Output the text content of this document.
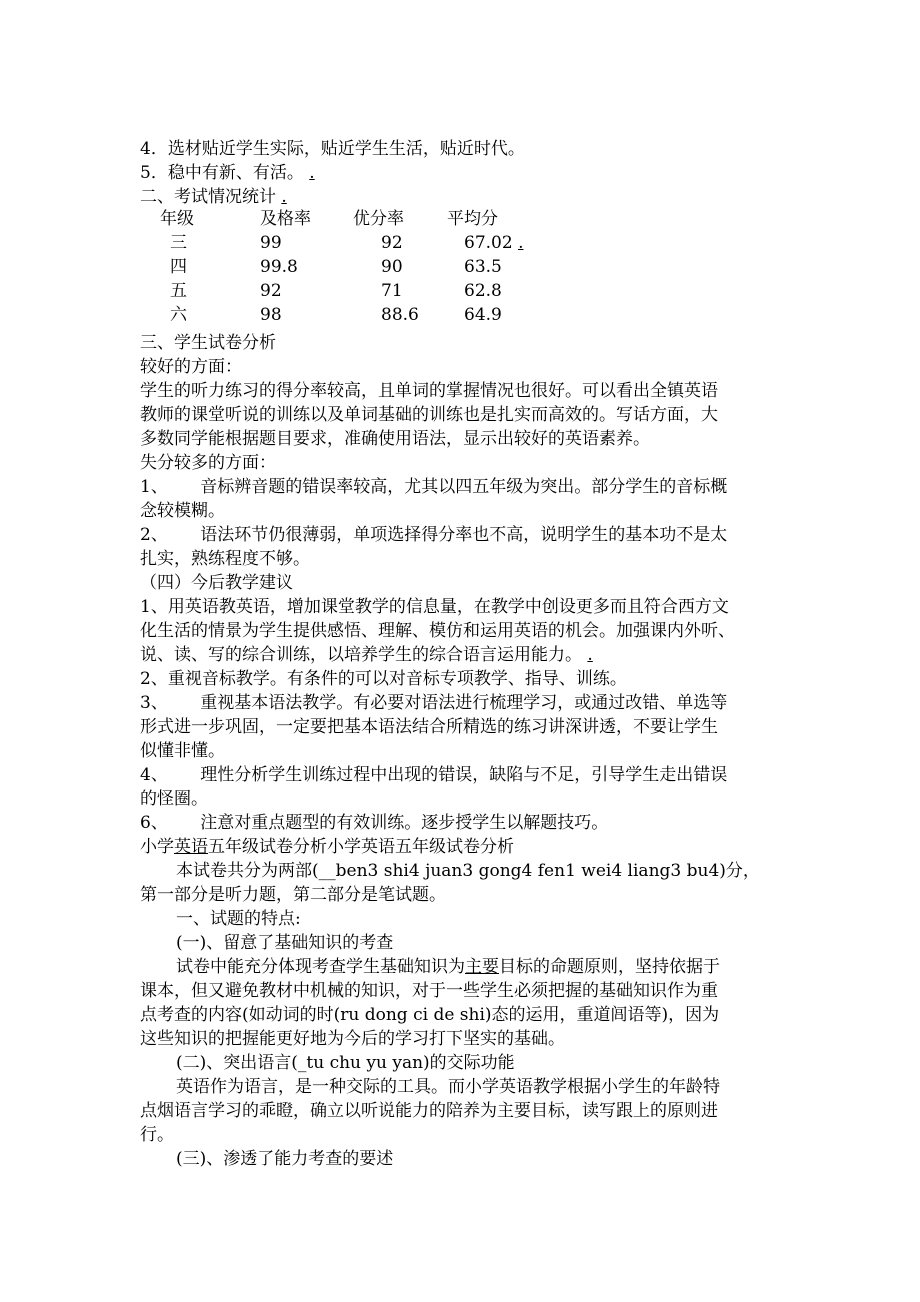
4．选材贴近学生实际，贴近学生生活，贴近时代。
5．稳中有新、有活。 .
二、考试情况统计 .
年级	及格率	优分率	平均分
三	99	92	67.02 .
四	99.8	90	63.5
五	92	71	62.8
六	98	88.6	64.9
三、学生试卷分析
较好的方面：
学生的听力练习的得分率较高，且单词的掌握情况也很好。可以看出全镇英语
教师的课堂听说的训练以及单词基础的训练也是扎实而高效的。写话方面，大
多数同学能根据题目要求，准确使用语法，显示出较好的英语素养。
失分较多的方面：
1、      音标辨音题的错误率较高，尤其以四五年级为突出。部分学生的音标概
念较模糊。
2、      语法环节仍很薄弱，单项选择得分率也不高，说明学生的基本功不是太
扎实，熟练程度不够。
（四）今后教学建议
1、用英语教英语，增加课堂教学的信息量，在教学中创设更多而且符合西方文
化生活的情景为学生提供感悟、理解、模仿和运用英语的机会。加强课内外听、
说、读、写的综合训练，以培养学生的综合语言运用能力。 .
2、重视音标教学。有条件的可以对音标专项教学、指导、训练。
3、      重视基本语法教学。有必要对语法进行梳理学习，或通过改错、单选等
形式进一步巩固，一定要把基本语法结合所精选的练习讲深讲透，不要让学生
似懂非懂。
4、      理性分析学生训练过程中出现的错误，缺陷与不足，引导学生走出错误
的怪圈。
6、      注意对重点题型的有效训练。逐步授学生以解题技巧。
小学英语五年级试卷分析小学英语五年级试卷分析
本试卷共分为两部(__ben3 shi4 juan3 gong4 fen1 wei4 liang3 bu4)分，
第一部分是听力题，第二部分是笔试题。
一、试题的特点:
(一)、留意了基础知识的考查
试卷中能充分体现考查学生基础知识为主要目标的命题原则，坚持依据于
课本，但又避免教材中机械的知识，对于一些学生必须把握的基础知识作为重
点考查的内容(如动词的时(ru dong ci de shi)态的运用，重道闾语等)，因为
这些知识的把握能更好地为今后的学习打下坚实的基础。
(二)、突出语言(_tu chu yu yan)的交际功能
英语作为语言，是一种交际的工具。而小学英语教学根据小学生的年龄特
点烟语言学习的乖瞪，确立以听说能力的陪养为主要目标，读写跟上的原则进
行。
(三)、渗透了能力考查的要述
